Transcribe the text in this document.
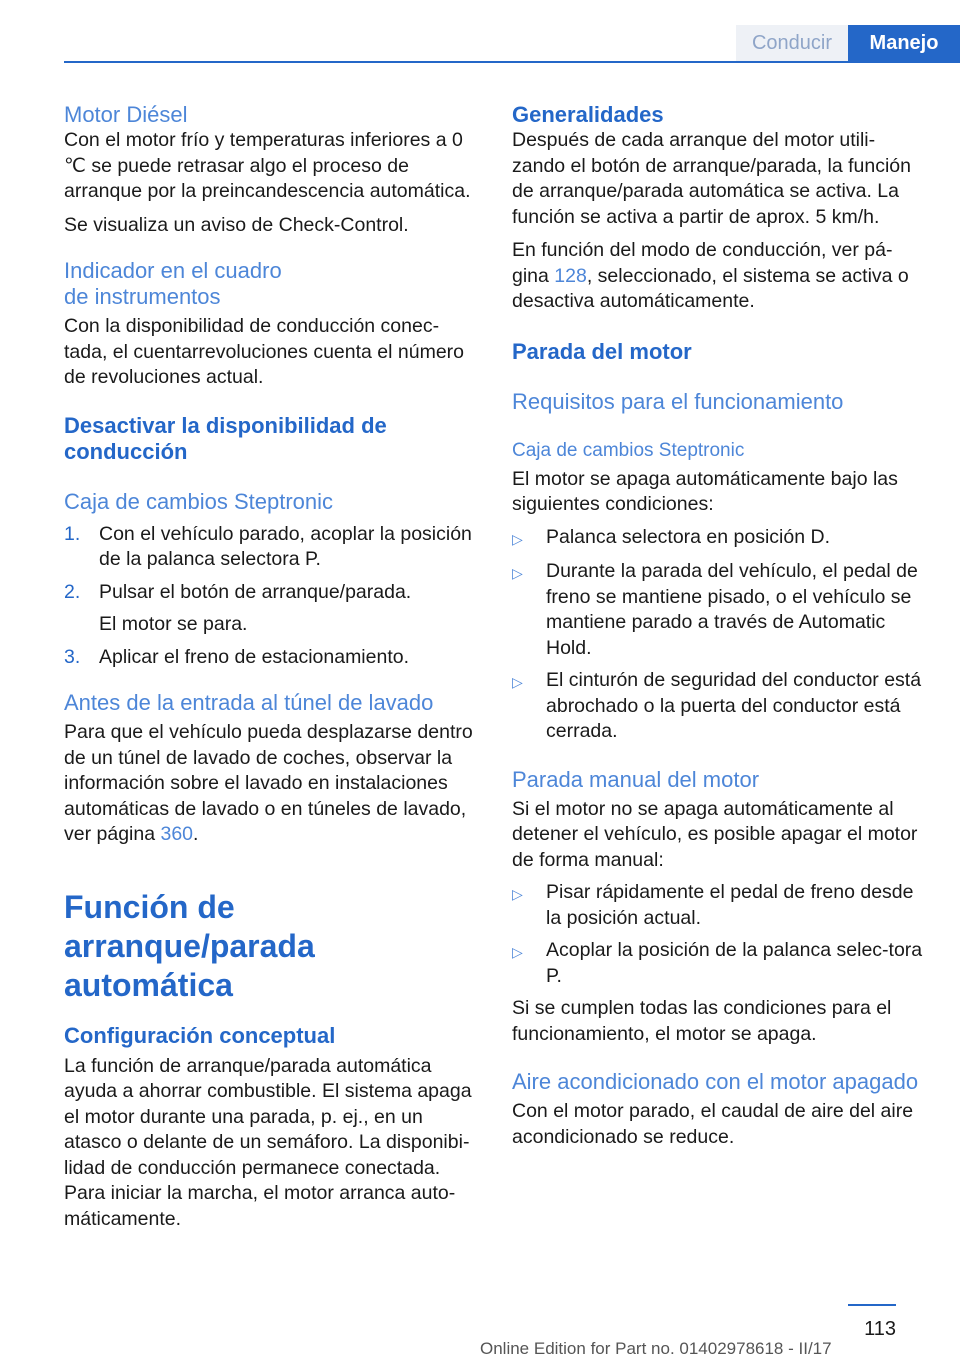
Conducir	Manejo
Motor Diésel

Con el motor frío y temperaturas inferiores a 0 ℃ se puede retrasar algo el proceso de arranque por la preincandescencia automática.

Se visualiza un aviso de Check-Control.

Indicador en el cuadro
de instrumentos

Con la disponibilidad de conducción conec-tada, el cuentarrevoluciones cuenta el número de revoluciones actual.

Desactivar la disponibilidad de conducción
Caja de cambios Steptronic
1. Con el vehículo parado, acoplar la posición de la palanca selectora P.
2. Pulsar el botón de arranque/parada.
El motor se para.
3. Aplicar el freno de estacionamiento.
Antes de la entrada al túnel de lavado

Para que el vehículo pueda desplazarse dentro de un túnel de lavado de coches, observar la información sobre el lavado en instalaciones automáticas de lavado o en túneles de lavado, ver página 360.

Función de arranque/parada automática
Configuración conceptual

La función de arranque/parada automática ayuda a ahorrar combustible. El sistema apaga el motor durante una parada, p. ej., en un atasco o delante de un semáforo. La disponibi-lidad de conducción permanece conectada. Para iniciar la marcha, el motor arranca auto-máticamente.

Generalidades

Después de cada arranque del motor utili-zando el botón de arranque/parada, la función de arranque/parada automática se activa. La función se activa a partir de aprox. 5 km/h.

En función del modo de conducción, ver pá-gina 128, seleccionado, el sistema se activa o desactiva automáticamente.

Parada del motor
Requisitos para el funcionamiento
Caja de cambios Steptronic

El motor se apaga automáticamente bajo las siguientes condiciones:

▷	Palanca selectora en posición D.
▷	Durante la parada del vehículo, el pedal de freno se mantiene pisado, o el vehículo se mantiene parado a través de Automatic Hold.
▷	El cinturón de seguridad del conductor está abrochado o la puerta del conductor está cerrada.
Parada manual del motor

Si el motor no se apaga automáticamente al detener el vehículo, es posible apagar el motor de forma manual:

▷	Pisar rápidamente el pedal de freno desde la posición actual.
▷	Acoplar la posición de la palanca selec-tora P.

Si se cumplen todas las condiciones para el funcionamiento, el motor se apaga.

Aire acondicionado con el motor apagado

Con el motor parado, el caudal de aire del aire acondicionado se reduce.

113
Online Edition for Part no. 01402978618 - II/17
